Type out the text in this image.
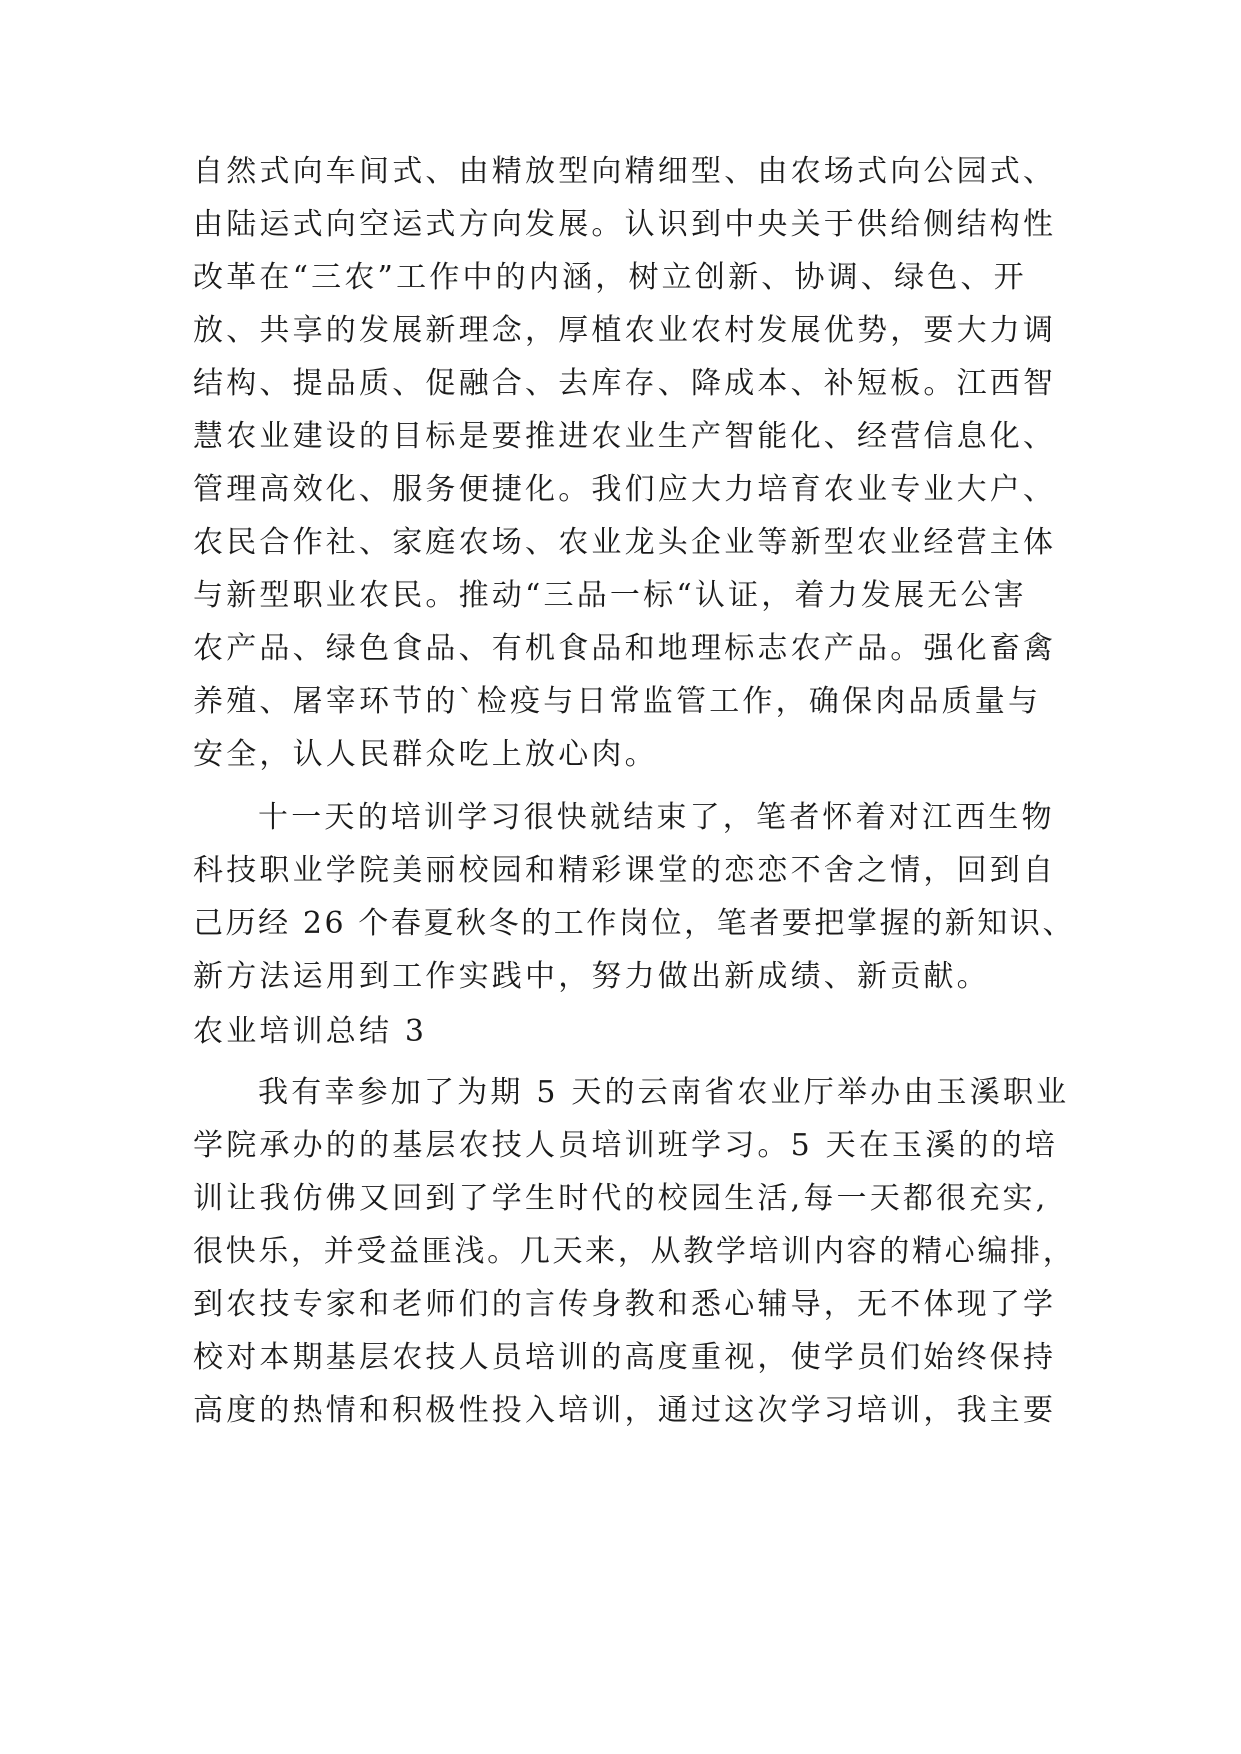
自然式向车间式、由精放型向精细型、由农场式向公园式、
由陆运式向空运式方向发展。认识到中央关于供给侧结构性
改革在“三农”工作中的内涵，树立创新、协调、绿色、开
放、共享的发展新理念，厚植农业农村发展优势，要大力调
结构、提品质、促融合、去库存、降成本、补短板。江西智
慧农业建设的目标是要推进农业生产智能化、经营信息化、
管理高效化、服务便捷化。我们应大力培育农业专业大户、
农民合作社、家庭农场、农业龙头企业等新型农业经营主体
与新型职业农民。推动“三品一标“认证，着力发展无公害
农产品、绿色食品、有机食品和地理标志农产品。强化畜禽
养殖、屠宰环节的`检疫与日常监管工作，确保肉品质量与
安全，认人民群众吃上放心肉。
十一天的培训学习很快就结束了，笔者怀着对江西生物
科技职业学院美丽校园和精彩课堂的恋恋不舍之情，回到自
己历经 26 个春夏秋冬的工作岗位，笔者要把掌握的新知识、
新方法运用到工作实践中，努力做出新成绩、新贡献。
农业培训总结 3
我有幸参加了为期 5 天的云南省农业厅举办由玉溪职业
学院承办的的基层农技人员培训班学习。5 天在玉溪的的培
训让我仿佛又回到了学生时代的校园生活,每一天都很充实,
很快乐，并受益匪浅。几天来，从教学培训内容的精心编排，
到农技专家和老师们的言传身教和悉心辅导，无不体现了学
校对本期基层农技人员培训的高度重视，使学员们始终保持
高度的热情和积极性投入培训，通过这次学习培训，我主要
